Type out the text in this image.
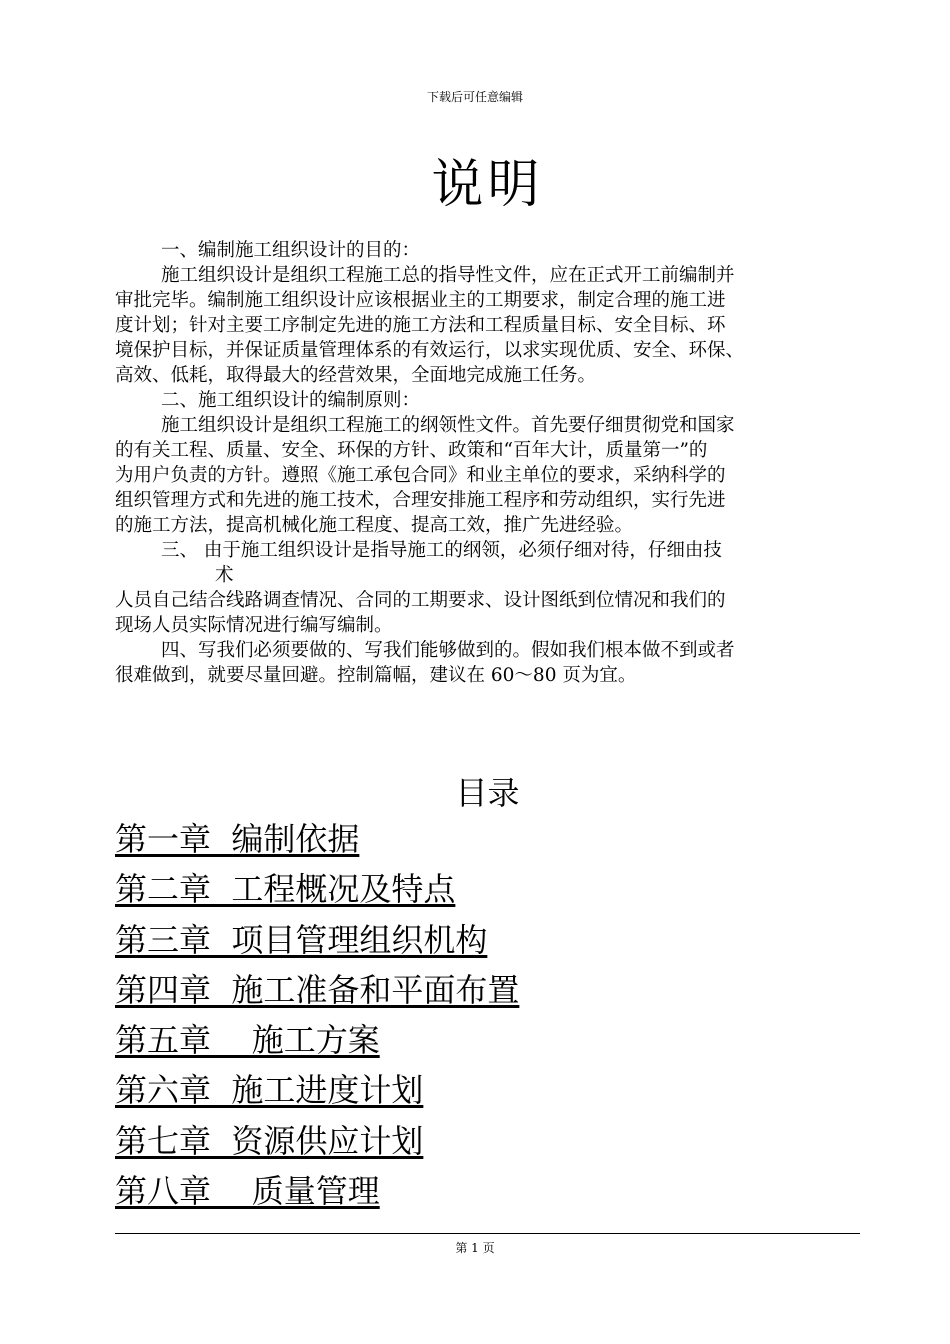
下载后可任意编辑
说明

一、编制施工组织设计的目的：

施工组织设计是组织工程施工总的指导性文件，应在正式开工前编制并

审批完毕。编制施工组织设计应该根据业主的工期要求，制定合理的施工进

度计划；针对主要工序制定先进的施工方法和工程质量目标、安全目标、环

境保护目标，并保证质量管理体系的有效运行，以求实现优质、安全、环保、

高效、低耗，取得最大的经营效果，全面地完成施工任务。

二、施工组织设计的编制原则：

施工组织设计是组织工程施工的纲领性文件。首先要仔细贯彻党和国家

的有关工程、质量、安全、环保的方针、政策和“百年大计，质量第一”的

为用户负责的方针。遵照《施工承包合同》和业主单位的要求，采纳科学的

组织管理方式和先进的施工技术，合理安排施工程序和劳动组织，实行先进

的施工方法，提高机械化施工程度、提高工效，推广先进经验。

三、 由于施工组织设计是指导施工的纲领，必须仔细对待，仔细由技

术

人员自己结合线路调查情况、合同的工期要求、设计图纸到位情况和我们的

现场人员实际情况进行编写编制。

四、写我们必须要做的、写我们能够做到的。假如我们根本做不到或者

很难做到，就要尽量回避。控制篇幅，建议在 60～80 页为宜。

目录
第一章  编制依据
第二章  工程概况及特点
第三章  项目管理组织机构
第四章  施工准备和平面布置
第五章    施工方案
第六章  施工进度计划
第七章  资源供应计划
第八章    质量管理
第 1 页
